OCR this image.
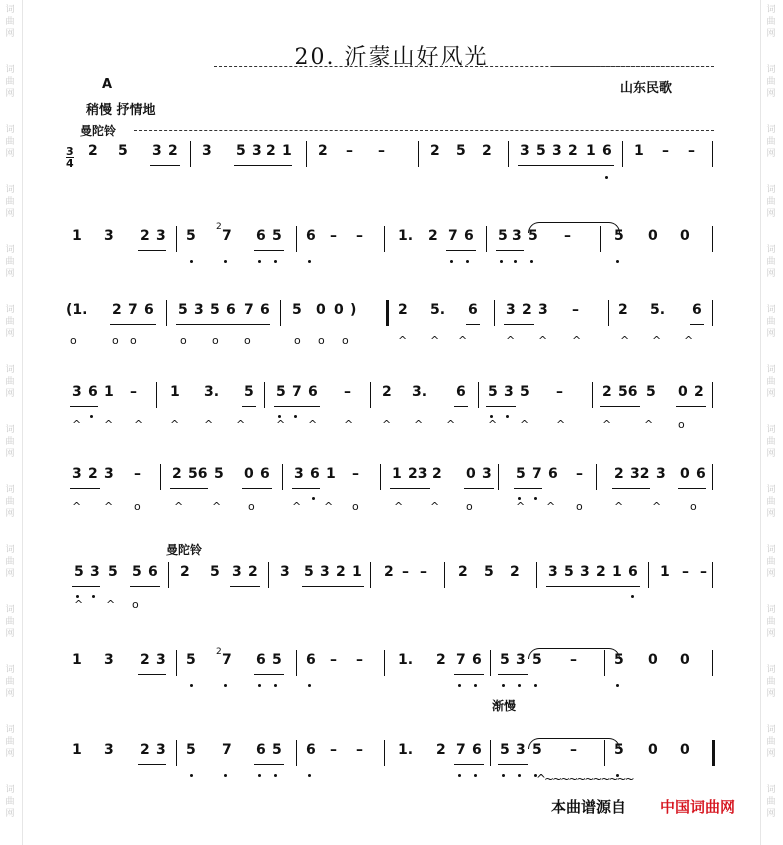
词
曲
网
词
曲
网
词
曲
网
词
曲
网
词
曲
网
词
曲
网
词
曲
网
词
曲
网
词
曲
网
词
曲
网
词
曲
网
词
曲
网
词
曲
网
词
曲
网
词
曲
网
词
曲
网
词
曲
网
词
曲
网
词
曲
网
词
曲
网
词
曲
网
词
曲
网
词
曲
网
词
曲
网
词
曲
网
词
曲
网
词
曲
网
词
曲
网
20. 沂蒙山好风光
A	山东民歌
稍慢 抒情地
曼陀铃
曼陀铃
渐慢
3
4
2 5 3 2 3 5 3 2 1 2 – –	2 5 2 3 5 3 2 1 6 1 – –
1 3 2 3 5 7 6 5 6 – –	1. 2 7 6 5 3 5 –	5 0 0
(1. 2 7 6 5 3 5 6 7 6 5 0 0 )	2 5. 6 3 2 3 –	2 5. 6
3 6 1 – 1 3. 5 5 7 6 – 2 3. 6 5 3 5 –	2 56 5 0 2
3 2 3 – 2 56 5 0 6 3 6 1 – 1 23 2 0 3 5 7 6 – 2 32 3 0 6
5 3 5 5 6 2 5 3 2 3 5 3 2 1 2 – – 2 5 2 3 5 3 2 1 6 1 – –
1 3 2 3 5 7 6 5 6 – –	1. 2 7 6 5 3 5 –	5 0 0
1 3 2 3 5 7 6 5 6 – –	1. 2 7 6 5 3 5 –	5 0 0
o	o o	o o o	o o o	^ ^ ^	^ ^ ^	^ ^ ^
^ ^ ^ ^ ^ ^	^ ^ ^	^ ^ ^	^ ^ ^	^	^ o
^ ^ o	^	^ o	^ ^ o	^ ^ o	^ ^ o	^	^	o
^ ^ o
2
2
^~~~~~~~~~~~
本曲谱源自 中国词曲网
